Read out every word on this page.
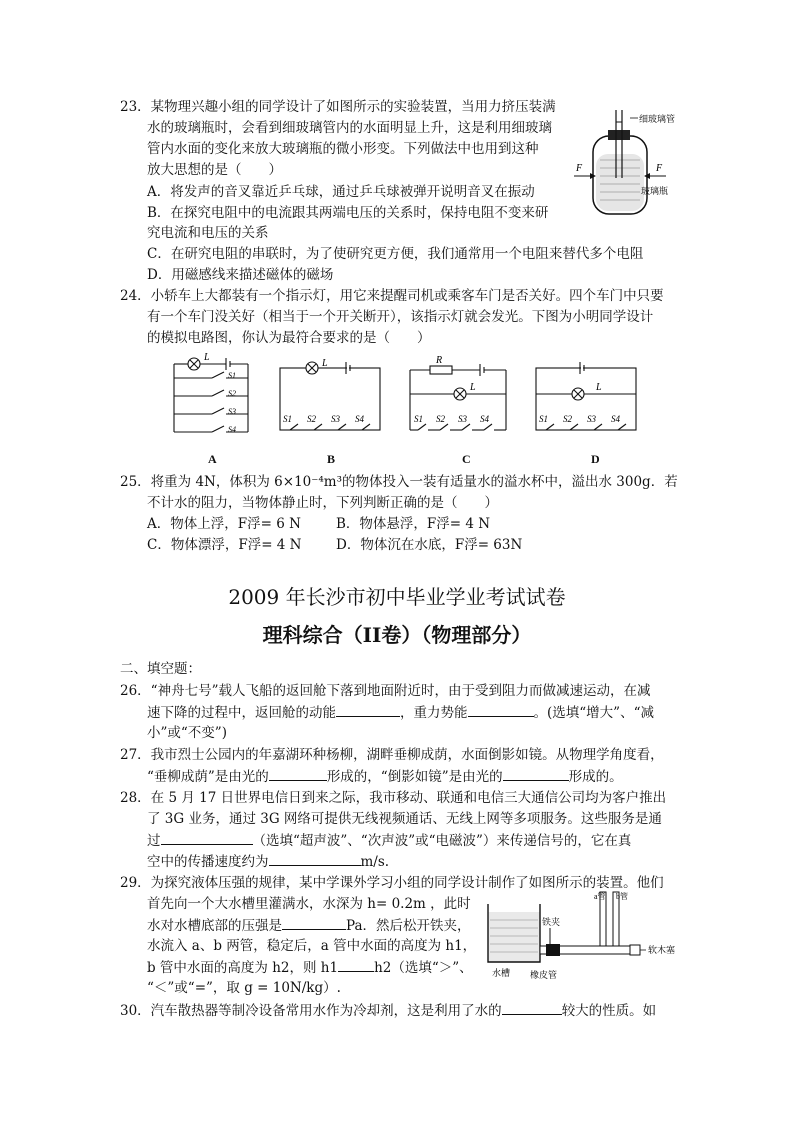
23．某物理兴趣小组的同学设计了如图所示的实验装置，当用力挤压装满
水的玻璃瓶时，会看到细玻璃管内的水面明显上升，这是利用细玻璃
管内水面的变化来放大玻璃瓶的微小形变。下列做法中也用到这种
放大思想的是（　　）
A．将发声的音叉靠近乒乓球，通过乒乓球被弹开说明音叉在振动
B．在探究电阻中的电流跟其两端电压的关系时，保持电阻不变来研
究电流和电压的关系
C．在研究电阻的串联时，为了使研究更方便，我们通常用一个电阻来替代多个电阻
D．用磁感线来描述磁体的磁场
细玻璃管
F	F
玻璃瓶
24．小轿车上大都装有一个指示灯，用它来提醒司机或乘客车门是否关好。四个车门中只要
有一个车门没关好（相当于一个开关断开），该指示灯就会发光。下图为小明同学设计
的模拟电路图，你认为最符合要求的是（　　）
L
S1
S2
S3
S4
L
S1 S2 S3 S4
R
L
S1 S2 S3 S4
L
S1 S2 S3 S4
A	B	C	D
25．将重为 4N，体积为 6×10⁻⁴m³的物体投入一装有适量水的溢水杯中，溢出水 300g．若
不计水的阻力，当物体静止时，下列判断正确的是（　　）
A．物体上浮，F浮= 6 N	B．物体悬浮，F浮= 4 N
C．物体漂浮，F浮= 4 N	D．物体沉在水底，F浮= 63N
2009 年长沙市初中毕业学业考试试卷
理科综合（II卷）（物理部分）
二、填空题：
26．“神舟七号”载人飞船的返回舱下落到地面附近时，由于受到阻力而做减速运动，在减
速下降的过程中，返回舱的动能	，重力势能	。(选填“增大”、“减
小”或“不变”)
27．我市烈士公园内的年嘉湖环种杨柳，湖畔垂柳成荫，水面倒影如镜。从物理学角度看，
“垂柳成荫”是由光的	形成的，“倒影如镜”是由光的	形成的。
28．在 5 月 17 日世界电信日到来之际，我市移动、联通和电信三大通信公司均为客户推出
了 3G 业务，通过 3G 网络可提供无线视频通话、无线上网等多项服务。这些服务是通
过	（选填“超声波”、“次声波”或“电磁波”）来传递信号的，它在真
空中的传播速度约为	m/s.
29．为探究液体压强的规律，某中学课外学习小组的同学设计制作了如图所示的装置。他们
首先向一个大水槽里灌满水，水深为 h= 0.2m ，此时
水对水槽底部的压强是	Pa．然后松开铁夹，
水流入 a、b 两管，稳定后，a 管中水面的高度为 h1，
b 管中水面的高度为 h2，则 h1	h2（选填“＞”、
“＜”或“=”，取 g = 10N/kg）.
a管 b管
铁夹
软木塞
水槽 橡皮管
30．汽车散热器等制冷设备常用水作为冷却剂，这是利用了水的	较大的性质。如
